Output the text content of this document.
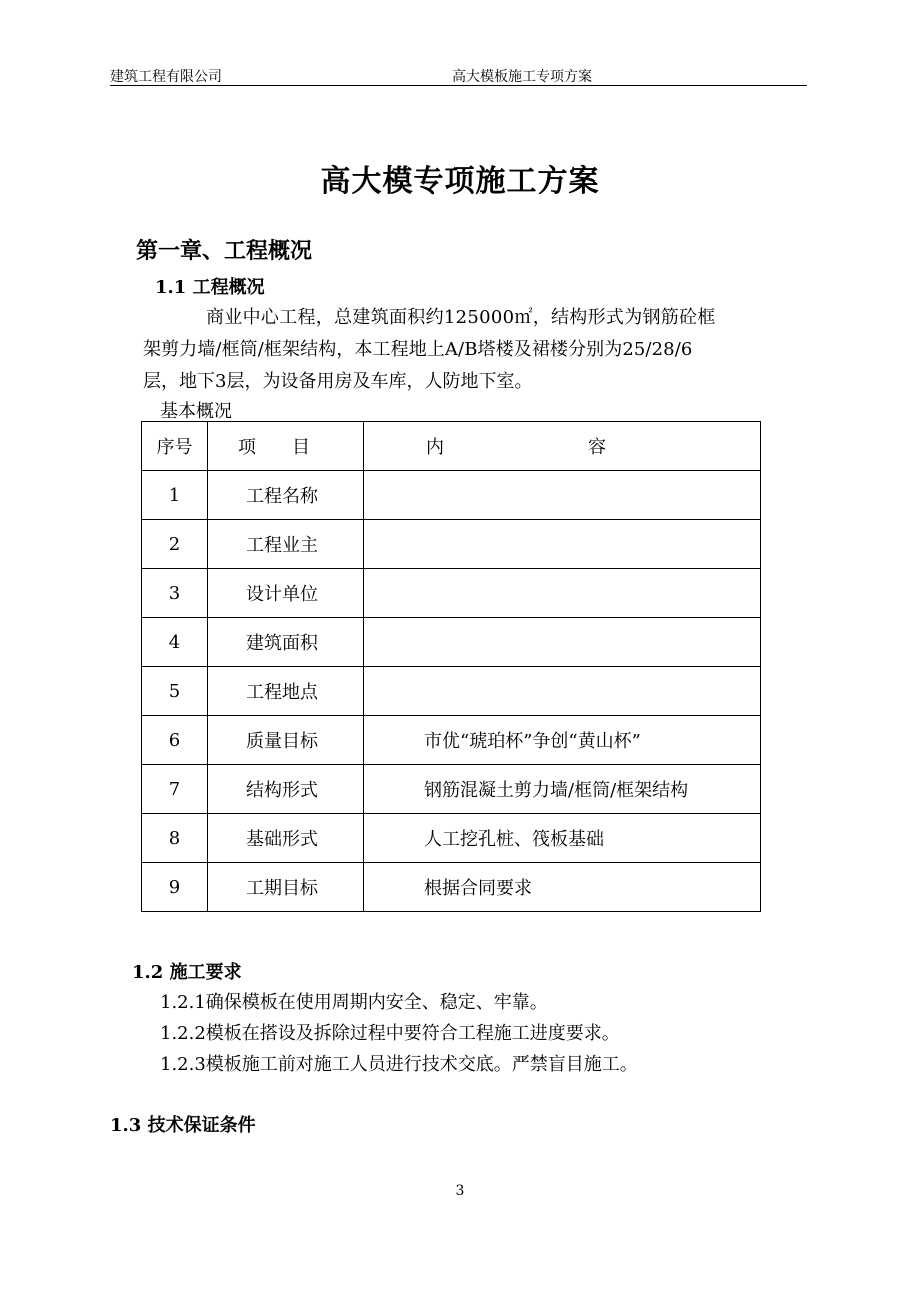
建筑工程有限公司	高大模板施工专项方案
高大模专项施工方案
第一章、工程概况
1.1 工程概况
商业中心工程，总建筑面积约125000㎡，结构形式为钢筋砼框
架剪力墙/框筒/框架结构，本工程地上A/B塔楼及裙楼分别为25/28/6
层，地下3层，为设备用房及车库，人防地下室。
基本概况
序号	项　　目	内　　　　　　　　容
1	工程名称	
2	工程业主	
3	设计单位	
4	建筑面积	
5	工程地点	
6	质量目标	市优“琥珀杯”争创“黄山杯”
7	结构形式	钢筋混凝土剪力墙/框筒/框架结构
8	基础形式	人工挖孔桩、筏板基础
9	工期目标	根据合同要求
1.2 施工要求
1.2.1确保模板在使用周期内安全、稳定、牢靠。
1.2.2模板在搭设及拆除过程中要符合工程施工进度要求。
1.2.3模板施工前对施工人员进行技术交底。严禁盲目施工。
1.3 技术保证条件
3
